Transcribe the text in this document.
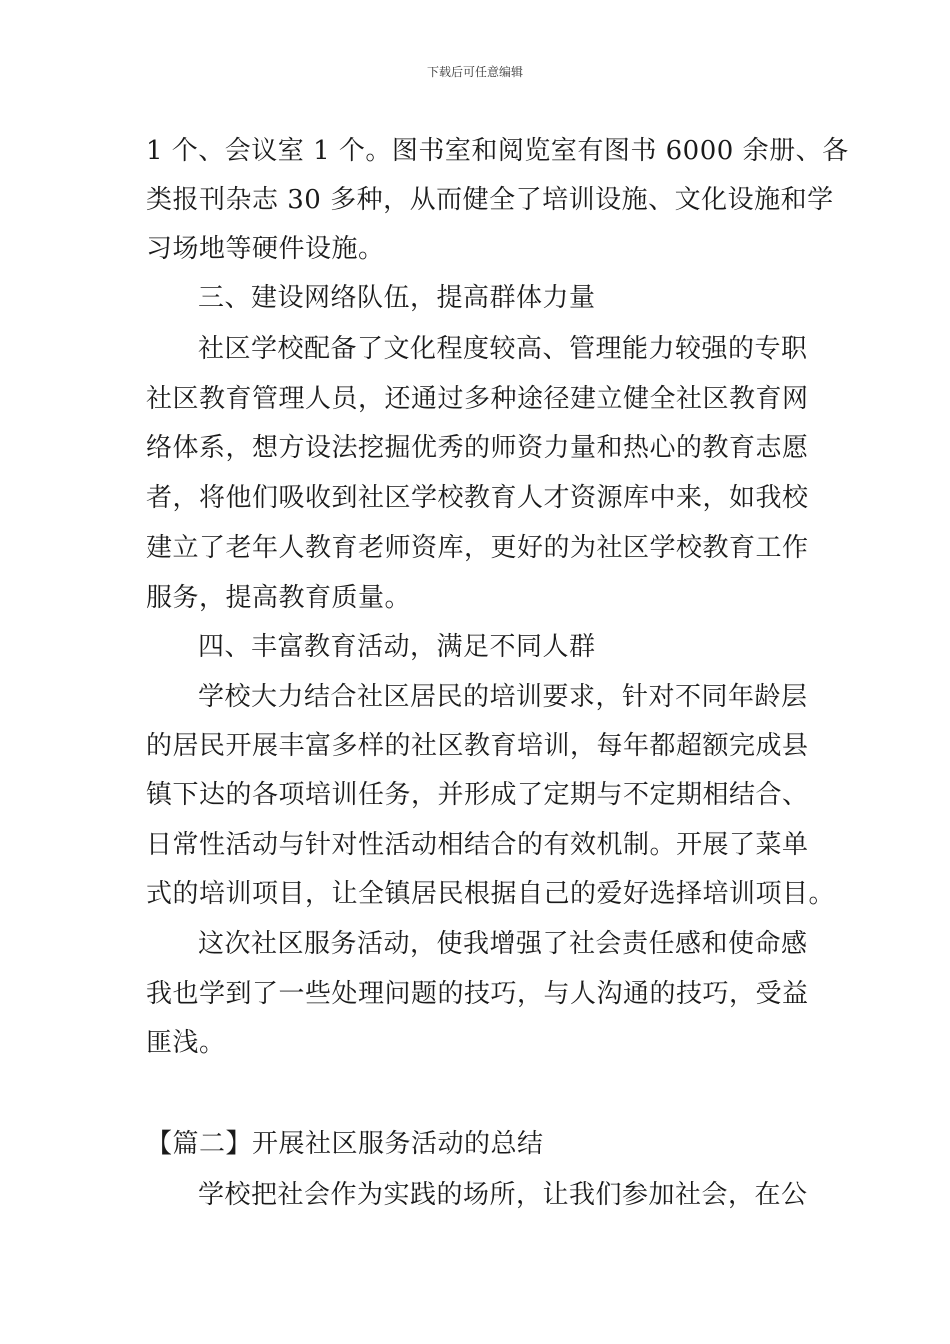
下载后可任意编辑
1 个、会议室 1 个。图书室和阅览室有图书 6000 余册、各
类报刊杂志 30 多种，从而健全了培训设施、文化设施和学
习场地等硬件设施。
三、建设网络队伍，提高群体力量
社区学校配备了文化程度较高、管理能力较强的专职
社区教育管理人员，还通过多种途径建立健全社区教育网
络体系，想方设法挖掘优秀的师资力量和热心的教育志愿
者，将他们吸收到社区学校教育人才资源库中来，如我校
建立了老年人教育老师资库，更好的为社区学校教育工作
服务，提高教育质量。
四、丰富教育活动，满足不同人群
学校大力结合社区居民的培训要求，针对不同年龄层
的居民开展丰富多样的社区教育培训，每年都超额完成县
镇下达的各项培训任务，并形成了定期与不定期相结合、
日常性活动与针对性活动相结合的有效机制。开展了菜单
式的培训项目，让全镇居民根据自己的爱好选择培训项目。
这次社区服务活动，使我增强了社会责任感和使命感
我也学到了一些处理问题的技巧，与人沟通的技巧，受益
匪浅。
【篇二】开展社区服务活动的总结
学校把社会作为实践的场所，让我们参加社会，在公
